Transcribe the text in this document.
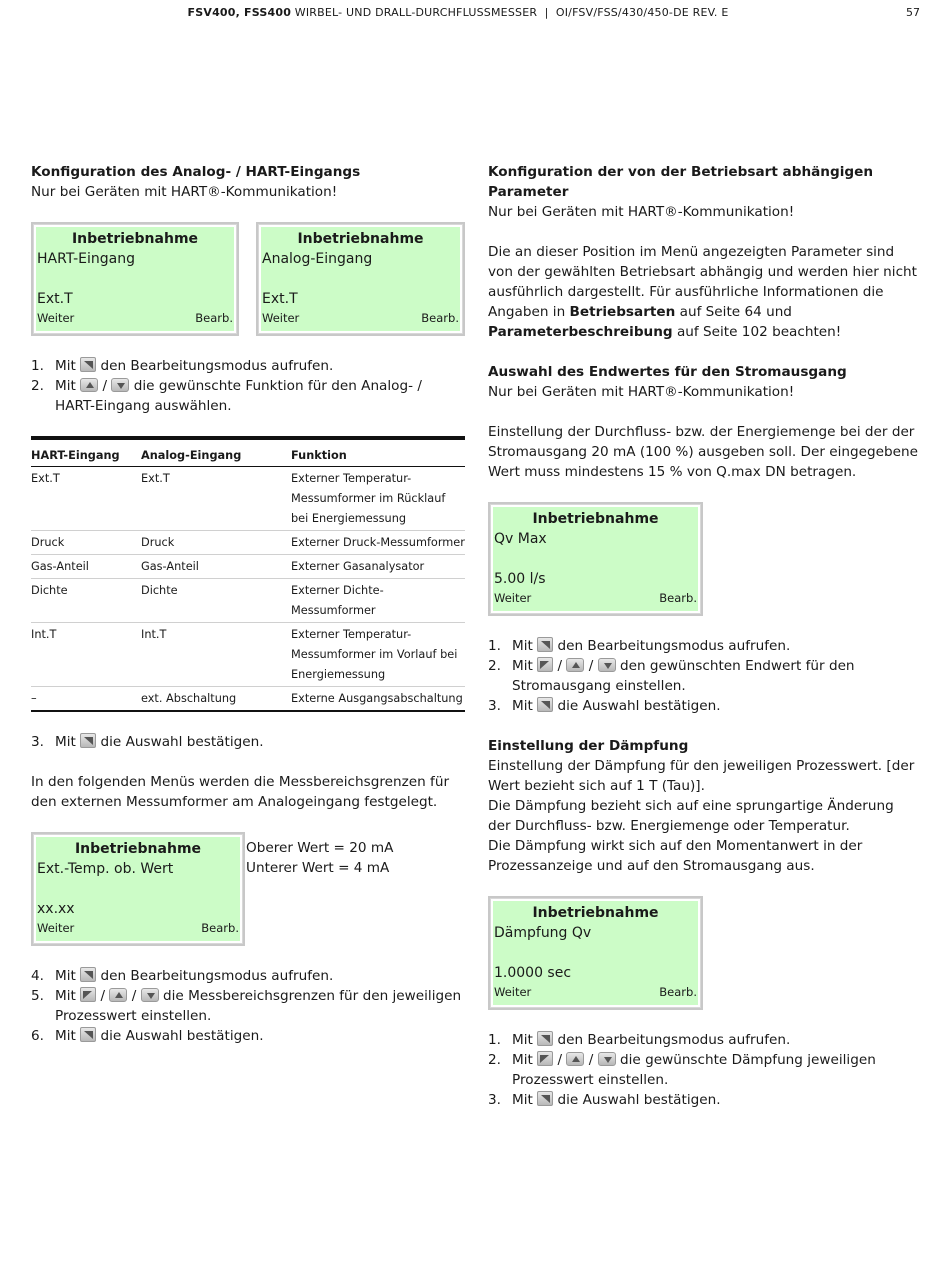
FSV400, FSS400 WIRBEL- UND DRALL-DURCHFLUSSMESSER  |  OI/FSV/FSS/430/450-DE REV. E	57
Konfiguration des Analog- / HART-Eingangs

Nur bei Geräten mit HART®-Kommunikation!

Inbetriebnahme
HART-Eingang
Ext.T
Weiter	Bearb.
Inbetriebnahme
Analog-Eingang
Ext.T
Weiter	Bearb.
1. Mit den Bearbeitungsmodus aufrufen.
2. Mit / die gewünschte Funktion für den Analog- / HART-Eingang auswählen.
HART-Eingang	Analog-Eingang	Funktion
Ext.T	Ext.T	Externer Temperatur-Messumformer im Rücklauf bei Energiemessung
Druck	Druck	Externer Druck-Messumformer
Gas-Anteil	Gas-Anteil	Externer Gasanalysator
Dichte	Dichte	Externer Dichte-Messumformer
Int.T	Int.T	Externer Temperatur-Messumformer im Vorlauf bei Energiemessung
–	ext. Abschaltung	Externe Ausgangsabschaltung
3. Mit die Auswahl bestätigen.

In den folgenden Menüs werden die Messbereichsgrenzen für den externen Messumformer am Analogeingang festgelegt.

Inbetriebnahme
Ext.-Temp. ob. Wert
xx.xx
Weiter	Bearb.
Oberer Wert = 20 mA
Unterer Wert = 4 mA
4. Mit den Bearbeitungsmodus aufrufen.
5. Mit / / die Messbereichsgrenzen für den jeweiligen Prozesswert einstellen.
6. Mit die Auswahl bestätigen.
Konfiguration der von der Betriebsart abhängigen Parameter

Nur bei Geräten mit HART®-Kommunikation!

Die an dieser Position im Menü angezeigten Parameter sind von der gewählten Betriebsart abhängig und werden hier nicht ausführlich dargestellt. Für ausführliche Informationen die Angaben in Betriebsarten auf Seite 64 und Parameterbeschreibung auf Seite 102 beachten!

Auswahl des Endwertes für den Stromausgang

Nur bei Geräten mit HART®-Kommunikation!

Einstellung der Durchfluss- bzw. der Energiemenge bei der der Stromausgang 20 mA (100 %) ausgeben soll. Der eingegebene Wert muss mindestens 15 % von Q.max DN betragen.

Inbetriebnahme
Qv Max
5.00 l/s
Weiter	Bearb.
1. Mit den Bearbeitungsmodus aufrufen.
2. Mit / / den gewünschten Endwert für den Stromausgang einstellen.
3. Mit die Auswahl bestätigen.
Einstellung der Dämpfung

Einstellung der Dämpfung für den jeweiligen Prozesswert. [der Wert bezieht sich auf 1 T (Tau)].

Die Dämpfung bezieht sich auf eine sprungartige Änderung der Durchfluss- bzw. Energiemenge oder Temperatur.

Die Dämpfung wirkt sich auf den Momentanwert in der Prozessanzeige und auf den Stromausgang aus.

Inbetriebnahme
Dämpfung Qv
1.0000 sec
Weiter	Bearb.
1. Mit den Bearbeitungsmodus aufrufen.
2. Mit / / die gewünschte Dämpfung jeweiligen Prozesswert einstellen.
3. Mit die Auswahl bestätigen.
